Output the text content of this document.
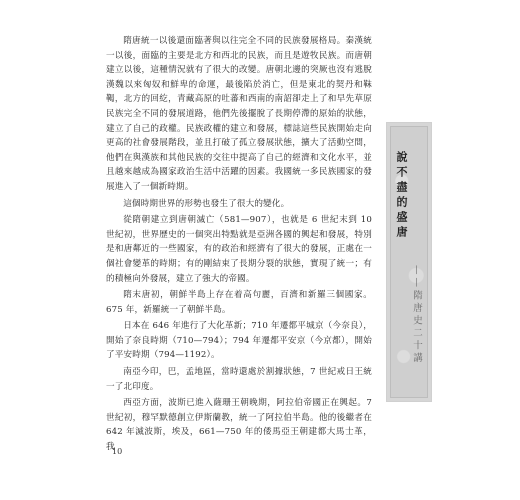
隋唐統一以後還面臨著與以往完全不同的民族發展格局。秦漢統一以後，面臨的主要是北方和西北的民族，而且是遊牧民族。而唐朝建立以後，這種情況就有了很大的改變。唐朝北邊的突厥也沒有逃脫漢魏以來匈奴和鮮卑的命運，最後陷於消亡，但是東北的契丹和靺鞨，北方的回紇，青藏高原的吐蕃和西南的南詔卻走上了和早先草原民族完全不同的發展道路，他們先後擺脫了長期停滯的原始的狀態，建立了自己的政權。民族政權的建立和發展，標誌這些民族開始走向更高的社會發展階段，並且打破了孤立發展狀態，擴大了活動空間，他們在與漢族和其他民族的交往中提高了自己的經濟和文化水平，並且越來越成為國家政治生活中活躍的因素。我國統一多民族國家的發展進入了一個新時期。

這個時期世界的形勢也發生了很大的變化。

從隋朝建立到唐朝滅亡（581—907），也就是 6 世紀末到 10 世紀初，世界歷史的一個突出特點就是亞洲各國的興起和發展，特別是和唐鄰近的一些國家，有的政治和經濟有了很大的發展，正處在一個社會變革的時期；有的剛結束了長期分裂的狀態，實現了統一；有的積極向外發展，建立了強大的帝國。

隋末唐初，朝鮮半島上存在着高句麗，百濟和新羅三個國家。675 年，新羅統一了朝鮮半島。

日本在 646 年進行了大化革新；710 年遷都平城京（今奈良），開始了奈良時期（710—794）；794 年遷都平安京（今京都），開始了平安時期（794—1192）。

南亞今印，巴，孟地區，當時還處於割據狀態，7 世紀戒日王統一了北印度。

西亞方面，波斯已進入薩珊王朝晚期，阿拉伯帝國正在興起。7 世紀初，穆罕默德創立伊斯蘭教，統一了阿拉伯半島。他的後繼者在 642 年滅波斯，埃及，661—750 年的倭馬亞王朝建都大馬士革，我

說不盡的盛唐
——隋唐史二十講
10
